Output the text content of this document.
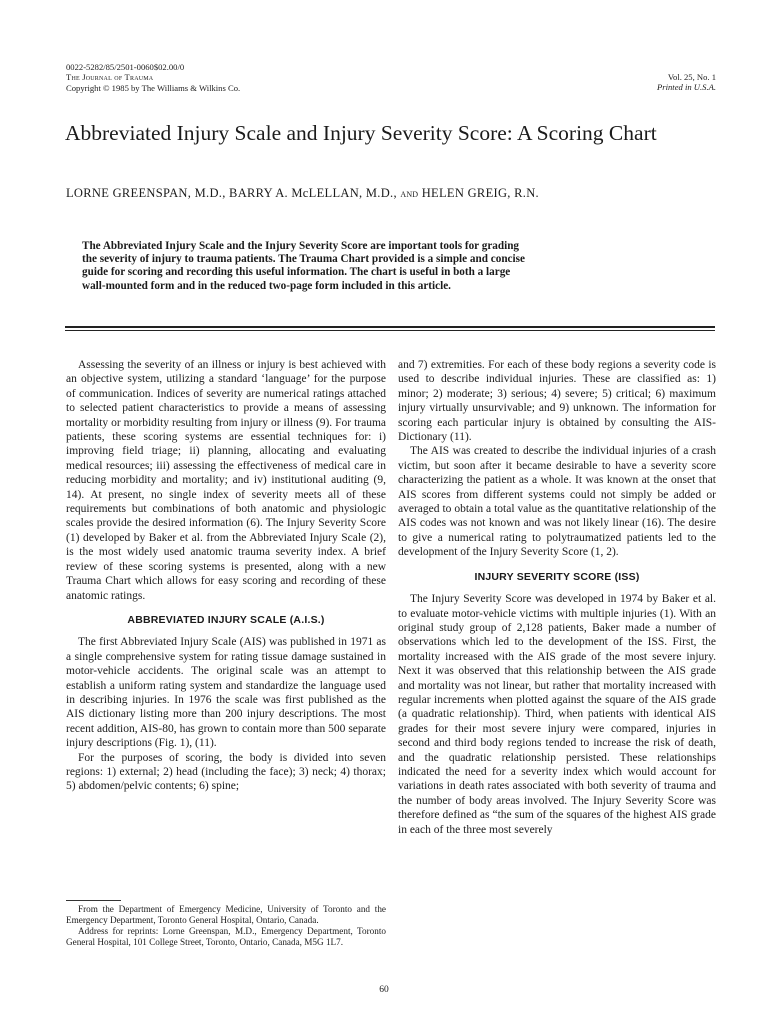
0022-5282/85/2501-0060$02.00/0
The Journal of Trauma
Copyright © 1985 by The Williams & Wilkins Co.
Vol. 25, No. 1
Printed in U.S.A.
Abbreviated Injury Scale and Injury Severity Score: A Scoring Chart
LORNE GREENSPAN, M.D., BARRY A. McLELLAN, M.D., and HELEN GREIG, R.N.
The Abbreviated Injury Scale and the Injury Severity Score are important tools for grading the severity of injury to trauma patients. The Trauma Chart provided is a simple and concise guide for scoring and recording this useful information. The chart is useful in both a large wall-mounted form and in the reduced two-page form included in this article.

Assessing the severity of an illness or injury is best achieved with an objective system, utilizing a standard ‘language’ for the purpose of communication. Indices of severity are numerical ratings attached to selected patient characteristics to provide a means of assessing mortality or morbidity resulting from injury or illness (9). For trauma patients, these scoring systems are essential techniques for: i) improving field triage; ii) planning, allocating and evaluating medical resources; iii) assessing the effectiveness of medical care in reducing morbidity and mortality; and iv) institutional auditing (9, 14). At present, no single index of severity meets all of these requirements but combinations of both anatomic and physiologic scales provide the desired information (6). The Injury Severity Score (1) developed by Baker et al. from the Abbreviated Injury Scale (2), is the most widely used anatomic trauma severity index. A brief review of these scoring systems is presented, along with a new Trauma Chart which allows for easy scoring and recording of these anatomic ratings.

ABBREVIATED INJURY SCALE (A.I.S.)

The first Abbreviated Injury Scale (AIS) was published in 1971 as a single comprehensive system for rating tissue damage sustained in motor-vehicle accidents. The original scale was an attempt to establish a uniform rating system and standardize the language used in describing injuries. In 1976 the scale was first published as the AIS dictionary listing more than 200 injury descriptions. The most recent addition, AIS-80, has grown to contain more than 500 separate injury descriptions (Fig. 1), (11).

For the purposes of scoring, the body is divided into seven regions: 1) external; 2) head (including the face); 3) neck; 4) thorax; 5) abdomen/pelvic contents; 6) spine;

From the Department of Emergency Medicine, University of Toronto and the Emergency Department, Toronto General Hospital, Ontario, Canada.

Address for reprints: Lorne Greenspan, M.D., Emergency Department, Toronto General Hospital, 101 College Street, Toronto, Ontario, Canada, M5G 1L7.

and 7) extremities. For each of these body regions a severity code is used to describe individual injuries. These are classified as: 1) minor; 2) moderate; 3) serious; 4) severe; 5) critical; 6) maximum injury virtually unsurvivable; and 9) unknown. The information for scoring each particular injury is obtained by consulting the AIS-Dictionary (11).

The AIS was created to describe the individual injuries of a crash victim, but soon after it became desirable to have a severity score characterizing the patient as a whole. It was known at the onset that AIS scores from different systems could not simply be added or averaged to obtain a total value as the quantitative relationship of the AIS codes was not known and was not likely linear (16). The desire to give a numerical rating to polytraumatized patients led to the development of the Injury Severity Score (1, 2).

INJURY SEVERITY SCORE (ISS)

The Injury Severity Score was developed in 1974 by Baker et al. to evaluate motor-vehicle victims with multiple injuries (1). With an original study group of 2,128 patients, Baker made a number of observations which led to the development of the ISS. First, the mortality increased with the AIS grade of the most severe injury. Next it was observed that this relationship between the AIS grade and mortality was not linear, but rather that mortality increased with regular increments when plotted against the square of the AIS grade (a quadratic relationship). Third, when patients with identical AIS grades for their most severe injury were compared, injuries in second and third body regions tended to increase the risk of death, and the quadratic relationship persisted. These relationships indicated the need for a severity index which would account for variations in death rates associated with both severity of trauma and the number of body areas involved. The Injury Severity Score was therefore defined as “the sum of the squares of the highest AIS grade in each of the three most severely

60
